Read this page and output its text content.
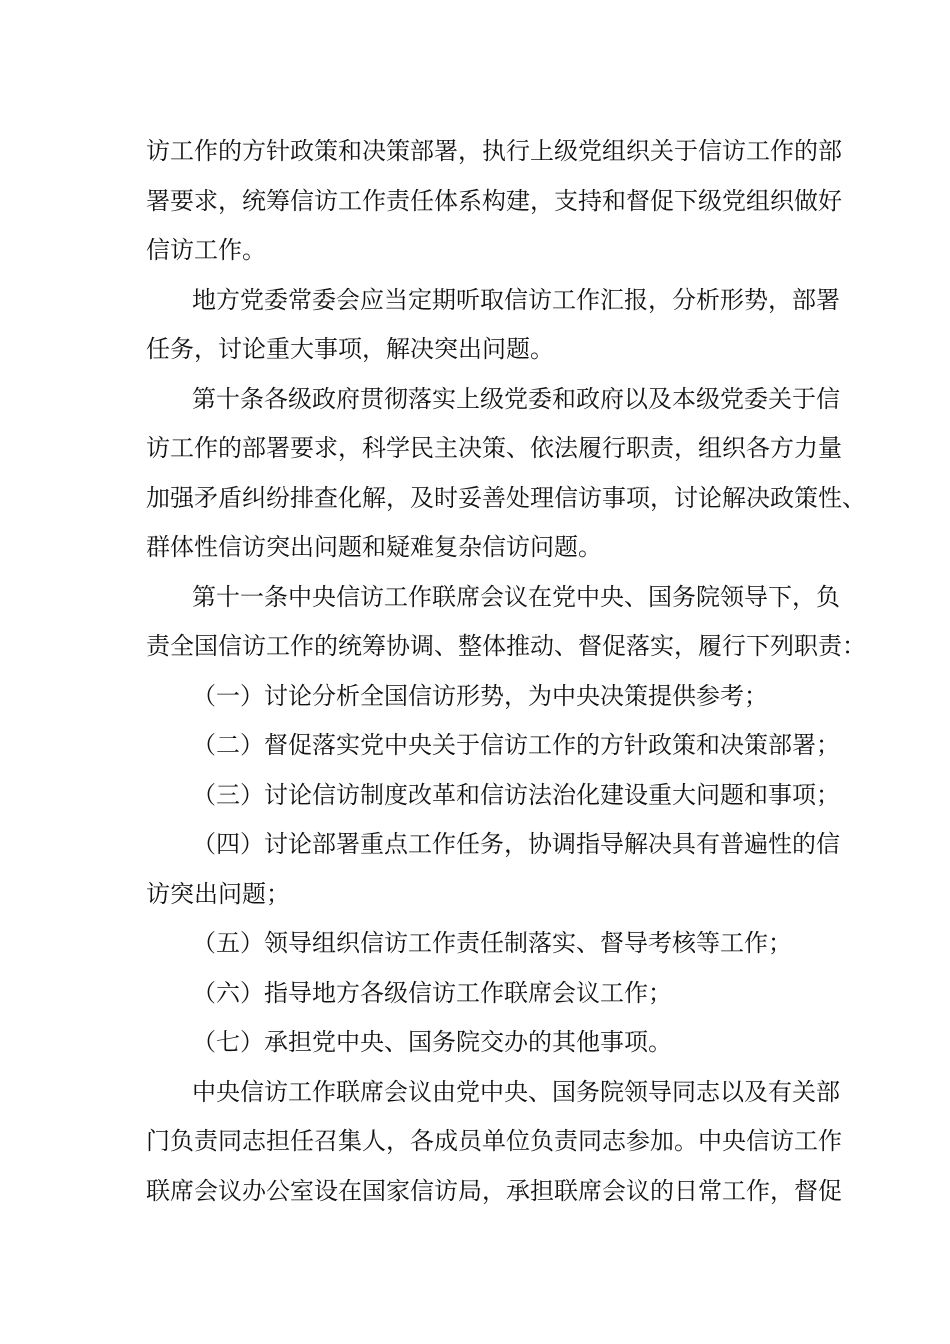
访工作的方针政策和决策部署，执行上级党组织关于信访工作的部
署要求，统筹信访工作责任体系构建，支持和督促下级党组织做好
信访工作。
地方党委常委会应当定期听取信访工作汇报，分析形势，部署
任务，讨论重大事项，解决突出问题。
第十条各级政府贯彻落实上级党委和政府以及本级党委关于信
访工作的部署要求，科学民主决策、依法履行职责，组织各方力量
加强矛盾纠纷排查化解，及时妥善处理信访事项，讨论解决政策性、
群体性信访突出问题和疑难复杂信访问题。
第十一条中央信访工作联席会议在党中央、国务院领导下，负
责全国信访工作的统筹协调、整体推动、督促落实，履行下列职责：
（一）讨论分析全国信访形势，为中央决策提供参考；
（二）督促落实党中央关于信访工作的方针政策和决策部署；
（三）讨论信访制度改革和信访法治化建设重大问题和事项；
（四）讨论部署重点工作任务，协调指导解决具有普遍性的信
访突出问题；
（五）领导组织信访工作责任制落实、督导考核等工作；
（六）指导地方各级信访工作联席会议工作；
（七）承担党中央、国务院交办的其他事项。
中央信访工作联席会议由党中央、国务院领导同志以及有关部
门负责同志担任召集人，各成员单位负责同志参加。中央信访工作
联席会议办公室设在国家信访局，承担联席会议的日常工作，督促
